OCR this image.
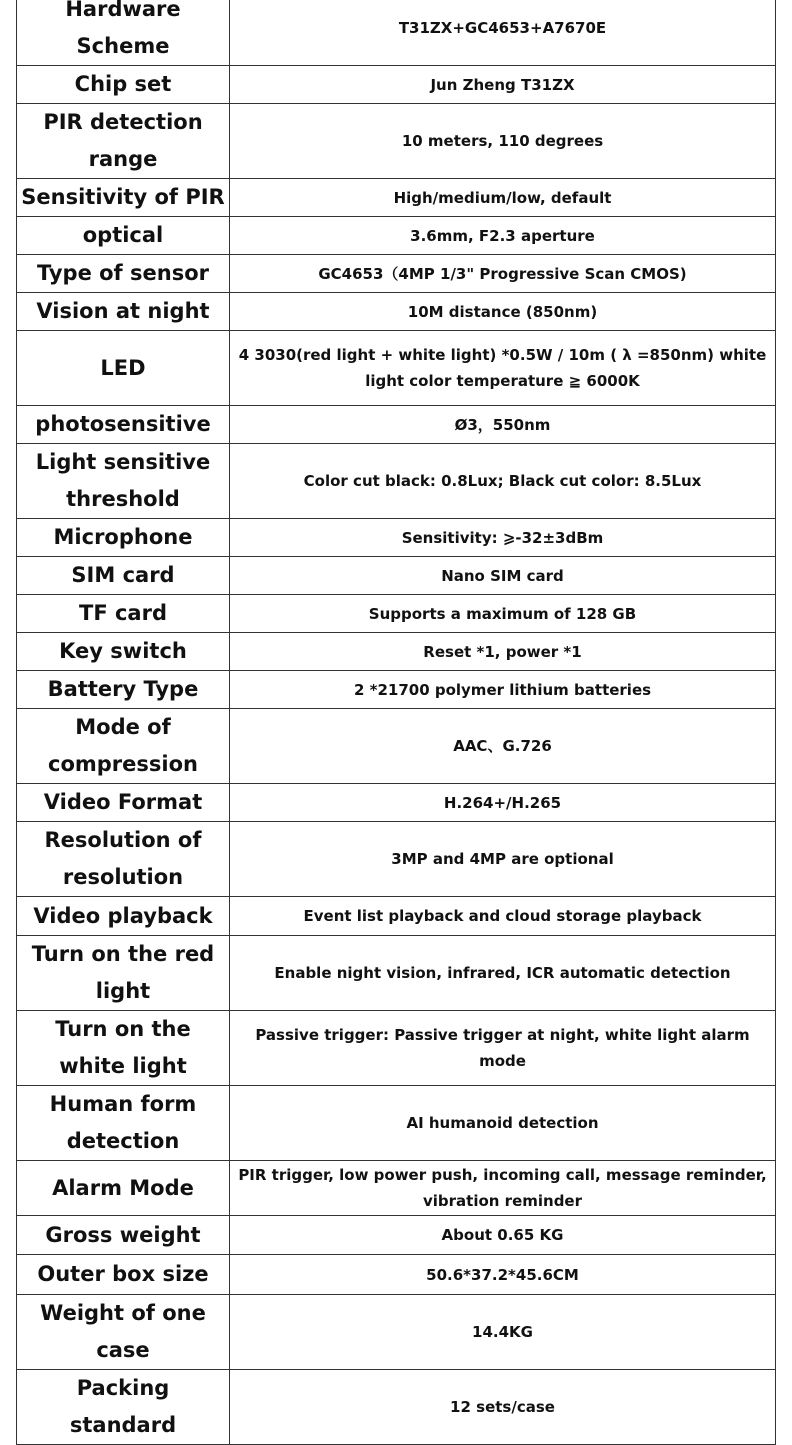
Hardware Scheme	T31ZX+GC4653+A7670E
Chip set	Jun Zheng T31ZX
PIR detection range	10 meters, 110 degrees
Sensitivity of PIR	High/medium/low, default
optical	3.6mm, F2.3 aperture
Type of sensor	GC4653（4MP 1/3" Progressive Scan CMOS)
Vision at night	10M distance (850nm)
LED	4 3030(red light + white light) *0.5W / 10m ( λ =850nm) white light color temperature ≧ 6000K
photosensitive	Ø3，550nm
Light sensitive threshold	Color cut black: 0.8Lux; Black cut color: 8.5Lux
Microphone	Sensitivity: ⩾-32±3dBm
SIM card	Nano SIM card
TF card	Supports a maximum of 128 GB
Key switch	Reset *1, power *1
Battery Type	2 *21700 polymer lithium batteries
Mode of compression	AAC、G.726
Video Format	H.264+/H.265
Resolution of resolution	3MP and 4MP are optional
Video playback	Event list playback and cloud storage playback
Turn on the red light	Enable night vision, infrared, ICR automatic detection
Turn on the white light	Passive trigger: Passive trigger at night, white light alarm mode
Human form detection	AI humanoid detection
Alarm Mode	PIR trigger, low power push, incoming call, message reminder, vibration reminder
Gross weight	About 0.65 KG
Outer box size	50.6*37.2*45.6CM
Weight of one case	14.4KG
Packing standard	12 sets/case
